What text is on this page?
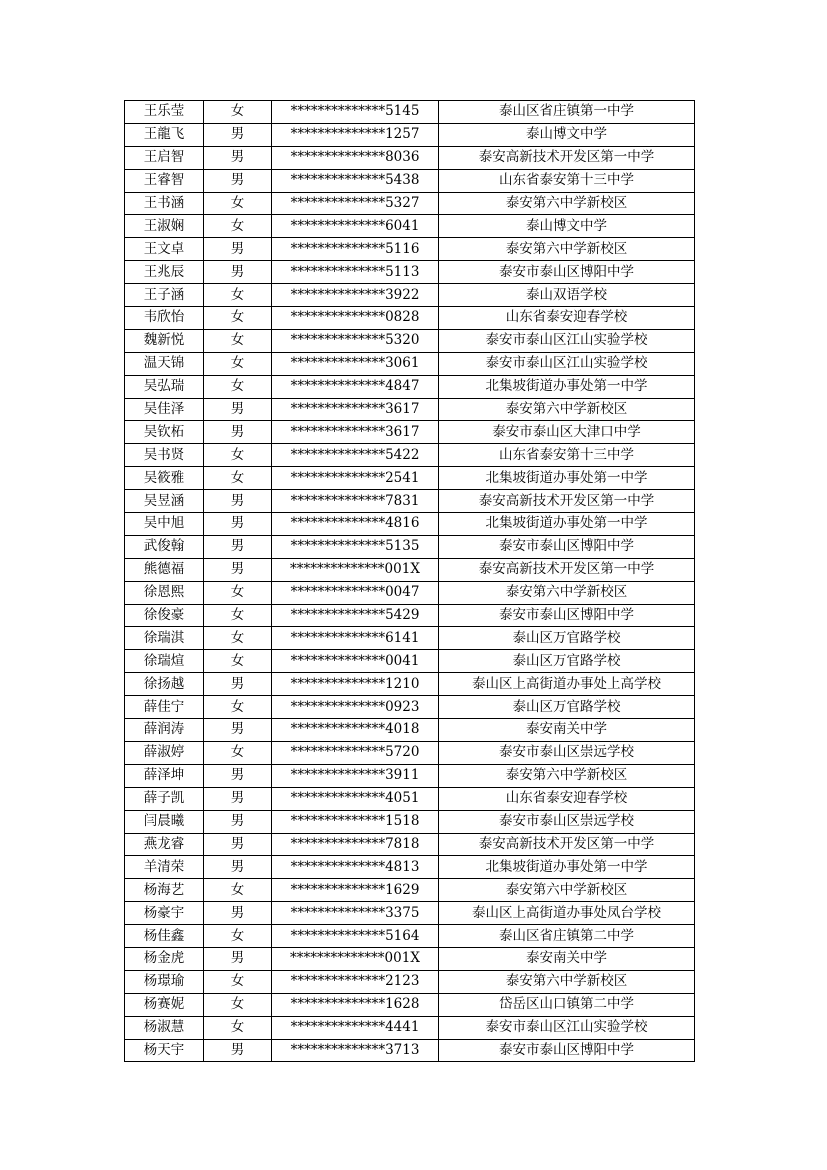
王乐莹	女	**************5145	泰山区省庄镇第一中学
王龍飞	男	**************1257	泰山博文中学
王启智	男	**************8036	泰安高新技术开发区第一中学
王睿智	男	**************5438	山东省泰安第十三中学
王书涵	女	**************5327	泰安第六中学新校区
王淑娴	女	**************6041	泰山博文中学
王文卓	男	**************5116	泰安第六中学新校区
王兆辰	男	**************5113	泰安市泰山区博阳中学
王子涵	女	**************3922	泰山双语学校
韦欣怡	女	**************0828	山东省泰安迎春学校
魏新悦	女	**************5320	泰安市泰山区江山实验学校
温天锦	女	**************3061	泰安市泰山区江山实验学校
吴弘瑞	女	**************4847	北集坡街道办事处第一中学
吴佳泽	男	**************3617	泰安第六中学新校区
吴钦柘	男	**************3617	泰安市泰山区大津口中学
吴书贤	女	**************5422	山东省泰安第十三中学
吴筱雅	女	**************2541	北集坡街道办事处第一中学
吴昱涵	男	**************7831	泰安高新技术开发区第一中学
吴中旭	男	**************4816	北集坡街道办事处第一中学
武俊翰	男	**************5135	泰安市泰山区博阳中学
熊德福	男	**************001X	泰安高新技术开发区第一中学
徐恩熙	女	**************0047	泰安第六中学新校区
徐俊豪	女	**************5429	泰安市泰山区博阳中学
徐瑞淇	女	**************6141	泰山区万官路学校
徐瑞煊	女	**************0041	泰山区万官路学校
徐扬越	男	**************1210	泰山区上高街道办事处上高学校
薛佳宁	女	**************0923	泰山区万官路学校
薛润涛	男	**************4018	泰安南关中学
薛淑婷	女	**************5720	泰安市泰山区崇远学校
薛泽坤	男	**************3911	泰安第六中学新校区
薛子凯	男	**************4051	山东省泰安迎春学校
闫晨曦	男	**************1518	泰安市泰山区崇远学校
燕龙睿	男	**************7818	泰安高新技术开发区第一中学
羊清荣	男	**************4813	北集坡街道办事处第一中学
杨海艺	女	**************1629	泰安第六中学新校区
杨豪宇	男	**************3375	泰山区上高街道办事处凤台学校
杨佳鑫	女	**************5164	泰山区省庄镇第二中学
杨金虎	男	**************001X	泰安南关中学
杨璟瑜	女	**************2123	泰安第六中学新校区
杨赛妮	女	**************1628	岱岳区山口镇第二中学
杨淑慧	女	**************4441	泰安市泰山区江山实验学校
杨天宇	男	**************3713	泰安市泰山区博阳中学
